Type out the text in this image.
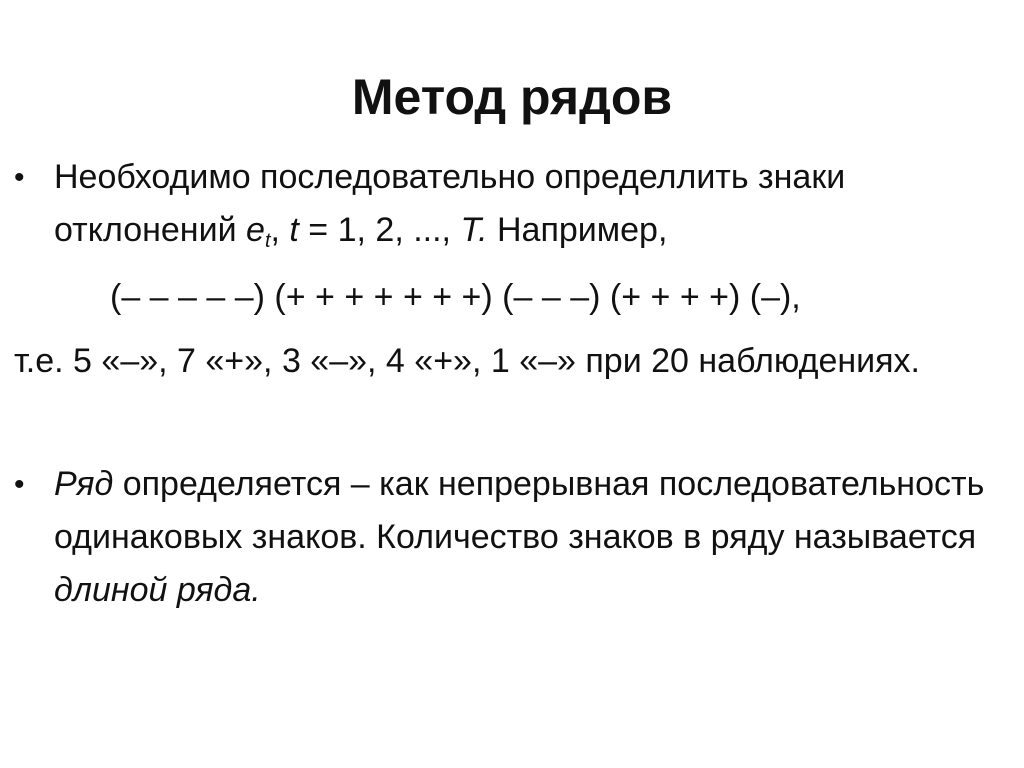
Метод рядов
• Необходимо последовательно определлить знаки отклонений $e_t$, t = 1, 2, ..., T. Например,
(– – – – –) (+ + + + + + +) (– – –) (+ + + +) (–),
т.е. 5 «–», 7 «+», 3 «–», 4 «+», 1 «–» при 20 наблюдениях.
• Ряд определяется – как непрерывная последовательность одинаковых знаков. Количество знаков в ряду называется длиной ряда.
